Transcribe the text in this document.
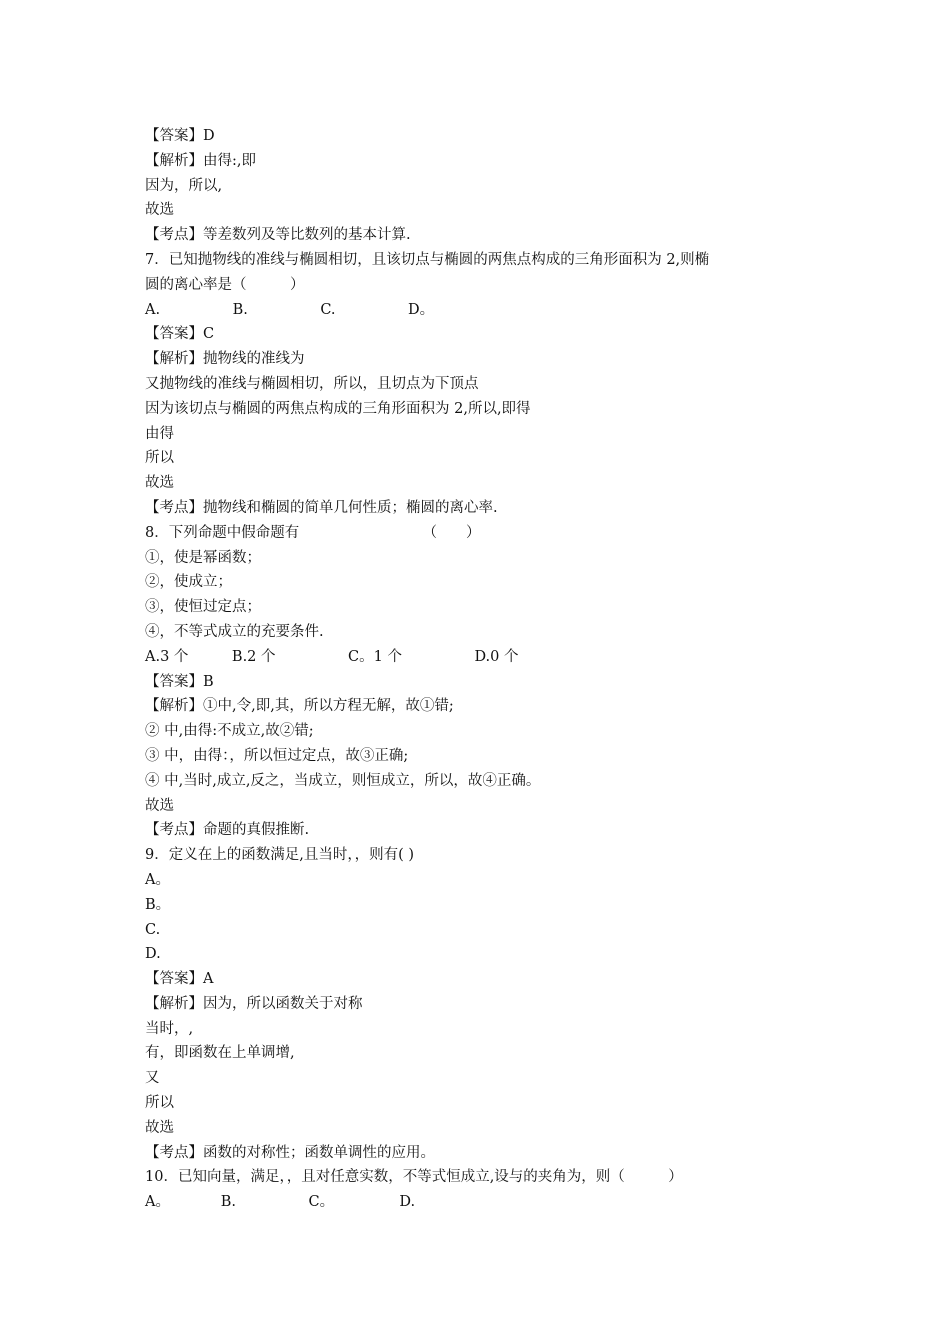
【答案】D
【解析】由得:,即
因为，所以,
故选
【考点】等差数列及等比数列的基本计算.
7．已知抛物线的准线与椭圆相切，且该切点与椭圆的两焦点构成的三角形面积为 2,则椭
圆的离心率是（　　　）
A.　　　　　B.　　　　　C.　　　　　D。
【答案】C
【解析】抛物线的准线为
又抛物线的准线与椭圆相切，所以，且切点为下顶点
因为该切点与椭圆的两焦点构成的三角形面积为 2,所以,即得
由得
所以
故选
【考点】抛物线和椭圆的简单几何性质；椭圆的离心率.
8．下列命题中假命题有　　　　　　　　　（　　）
①，使是幂函数；
②，使成立；
③，使恒过定点；
④，不等式成立的充要条件.
A.3 个　　　B.2 个　　　　　C。1 个　　　　　D.0 个
【答案】B
【解析】①中,令,即,其，所以方程无解，故①错;
② 中,由得:不成立,故②错;
③ 中，由得：，所以恒过定点，故③正确;
④ 中,当时,成立,反之，当成立，则恒成立，所以，故④正确。
故选
【考点】命题的真假推断.
9．定义在上的函数满足,且当时，，则有( )
A。
B。
C.
D.
【答案】A
【解析】因为，所以函数关于对称
当时，,
有，即函数在上单调增,
又
所以
故选
【考点】函数的对称性；函数单调性的应用。
10．已知向量，满足，，且对任意实数，不等式恒成立,设与的夹角为，则（　　　）
A。　　　　B.　　　　　C。　　　　　D.
